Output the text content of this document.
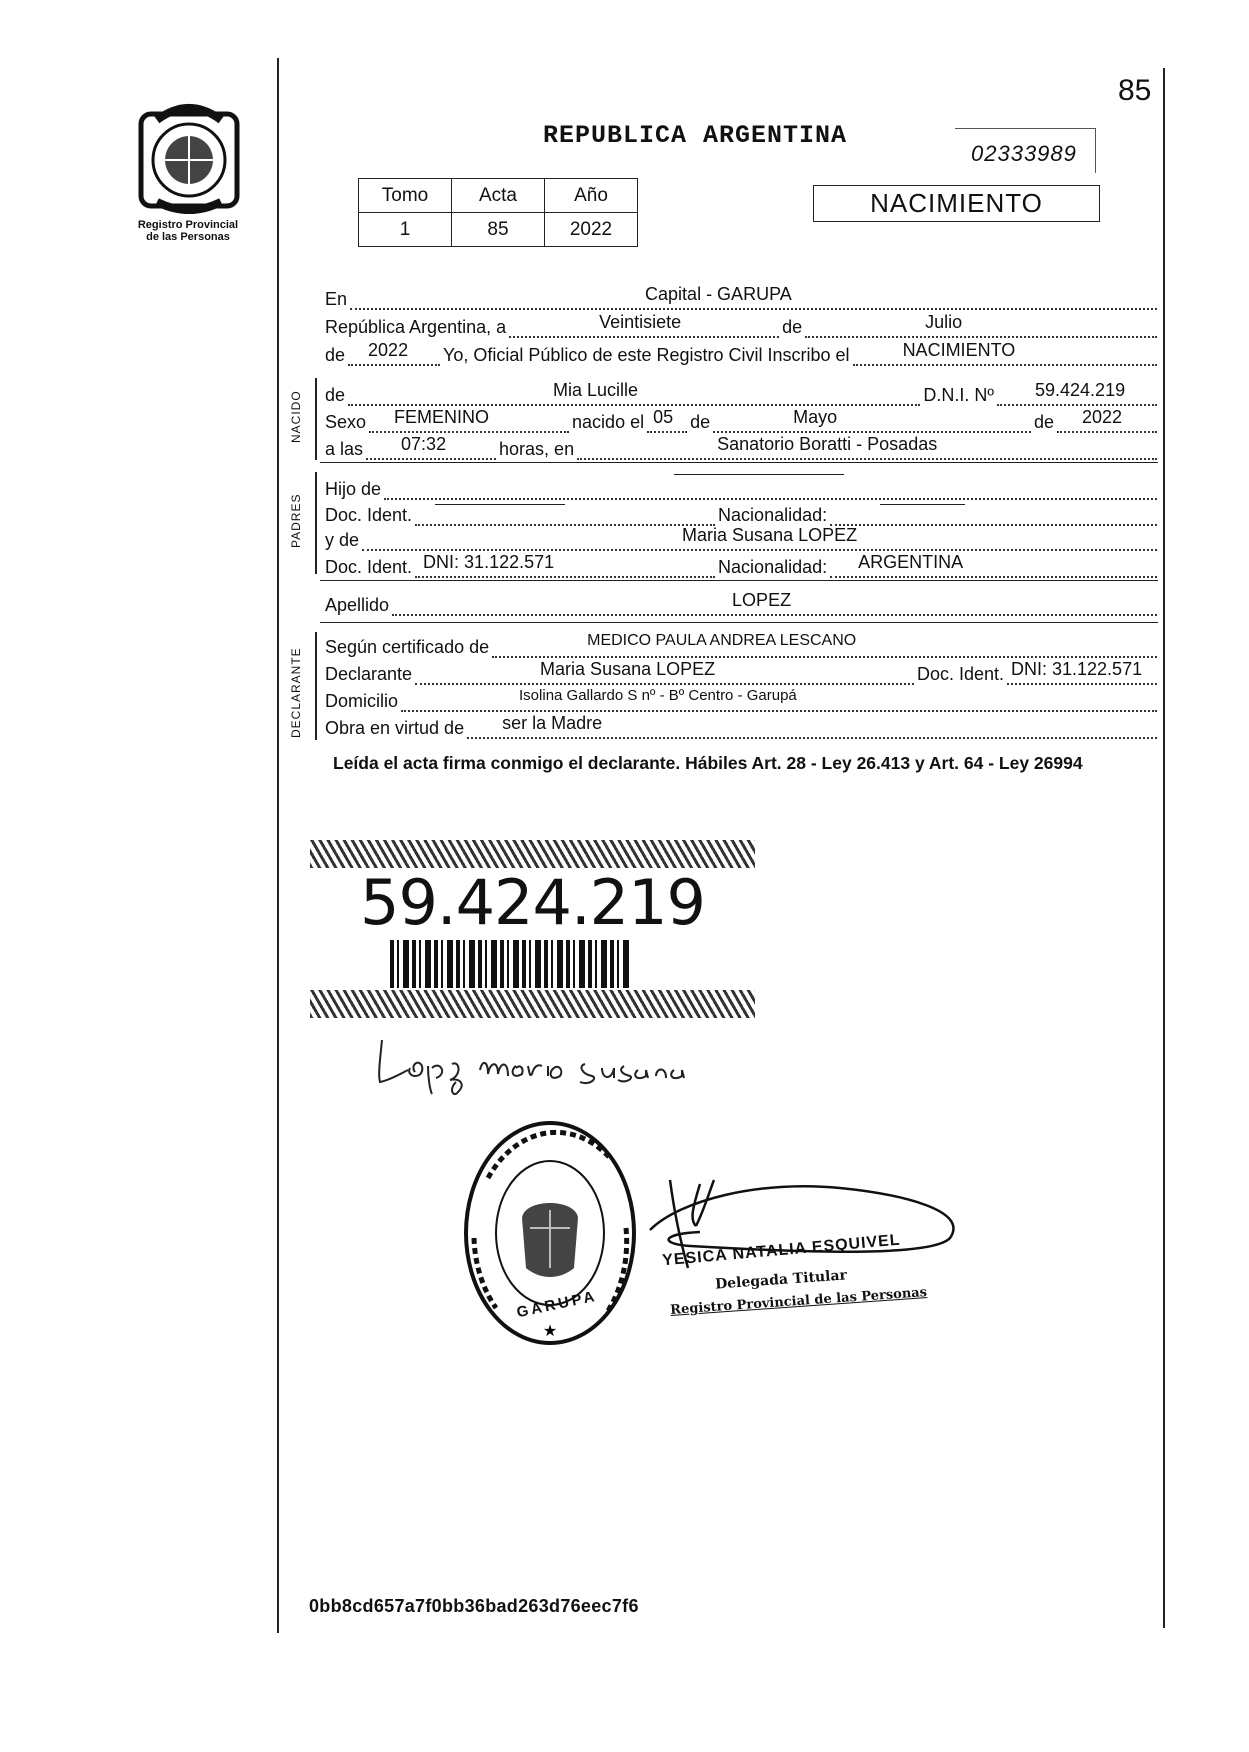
85
Registro Provincial
de las Personas
REPUBLICA ARGENTINA
02333989
NACIMIENTO
Tomo	Acta	Año
1	85	2022
En	Capital - GARUPA
República Argentina, a	Veintisiete	de	Julio
de 2022 Yo, Oficial Público de este Registro Civil Inscribo el	NACIMIENTO
NACIDO de	Mia Lucille	D.N.I. Nº 59.424.219
Sexo FEMENINO	nacido el 05 de	Mayo	de 2022
a las 07:32	horas, en	Sanatorio Boratti - Posadas
PADRES
Hijo de
Doc. Ident.	Nacionalidad:
y de	Maria Susana LOPEZ
Doc. Ident. DNI: 31.122.571	Nacionalidad: ARGENTINA
Apellido	LOPEZ
DECLARANTE
Según certificado de	MEDICO PAULA ANDREA LESCANO
Declarante	Maria Susana LOPEZ	Doc. Ident. DNI: 31.122.571
Domicilio	Isolina Gallardo S nº - Bº Centro - Garupá
Obra en virtud de ser la Madre
Leída el acta firma conmigo el declarante. Hábiles Art. 28 - Ley 26.413 y Art. 64 - Ley 26994
59.424.219
★
GARUPA
YESICA NATALIA ESQUIVEL
Delegada Titular
Registro Provincial de las Personas
0bb8cd657a7f0bb36bad263d76eec7f6
